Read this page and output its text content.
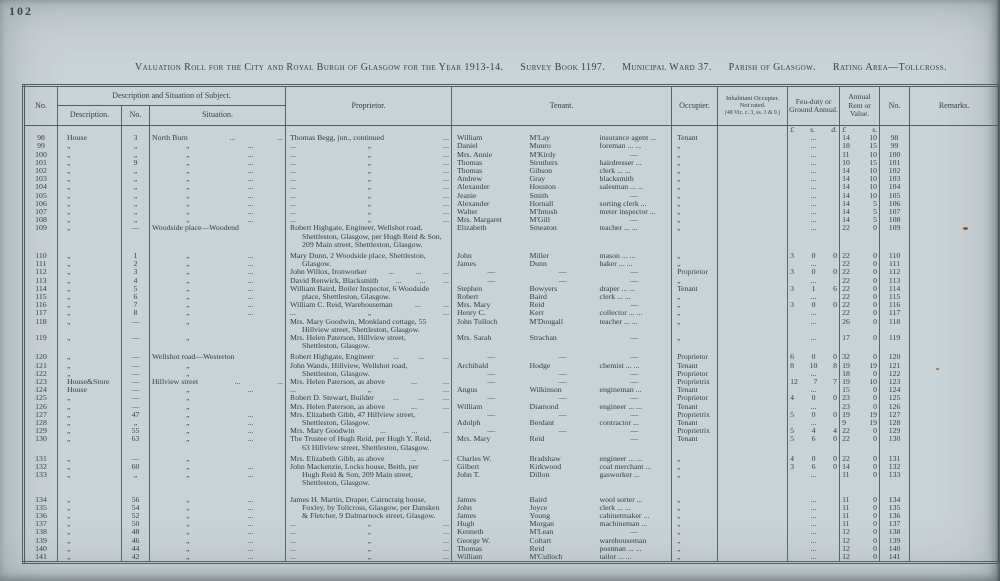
102
Valuation Roll for the City and Royal Burgh of Glasgow for the Year 1913-14. Survey Book 1197. Municipal Ward 37. Parish of Glasgow. Rating Area—Tollcross.
No.	Description and Situation of Subject.			Proprietor.	Tenant.			Occupier.	Inhabitant Occupier.
Not rated.
(48 Vic. c. 3, ss. 3 & 9.)	Feu-duty or Ground Annual.	Annual Rent or Value.	No.	Remarks.
	Description.	No.	Situation.										

										£ s. d.	£ s.		

98	House	3	North Burn ... ...	Thomas Begg, jun., continued ...	William	M'Lay	insurance agent ...	Tenant		...	14 10	98	
99	„	„	„ ...	... „ ...	Daniel	Munro	foreman ... ...	„		...	18 15	99	
100	„	„	„ ...	... „ ...	Mrs. Annie	M'Kirdy	—	„		...	11 10	100	
101	„	9	„ ...	... „ ...	Thomas	Struthers	hairdresser ...	„		...	10 15	101	
102	„	„	„ ...	... „ ...	Thomas	Gibson	clerk ... ...	„		...	14 10	102	
103	„	„	„ ...	... „ ...	Andrew	Gray	blacksmith	„		...	14 10	103	
104	„	„	„ ...	... „ ...	Alexander	Houston	salesman ... ...	„		...	14 10	104	
105	„	„	„ ...	... „ ...	Jeanie	Smith	—	„		...	14 10	105	
106	„	„	„ ...	... „ ...	Alexander	Hornall	sorting clerk ...	„		...	14 5	106	
107	„	„	„ ...	... „ ...	Walter	M'Intosh	meter inspector ...	„		...	14 5	107	
108	„	„	„ ...	... „ ...	Mrs. Margaret	M'Gill	—	„		...	14 5	108	
109	„	—	Woodside place—Woodend	Robert Highgate, Engineer, Wellshot road,	Elizabeth	Smeaton	teacher ... ...	„		...	22 0	109	
				Shettleston, Glasgow, per Hugh Reid & Son,									
				209 Main street, Shettleston, Glasgow.									
110	„	1	„ ...	Mary Dunn, 2 Woodside place, Shettleston,	John	Miller	mason ... ...	„		3 0 0	22 0	110	
111	„	2	„ ...	Glasgow.	James	Dunn	baker ... ...	„		...	22 0	111	
112	„	3	„ ...	John Willox, Ironworker ... ... ...	—	—	—	Proprietor		3 0 0	22 0	112	
113	„	4	„ ...	David Renwick, Blacksmith ... ... ...	—	—	—	„		...	22 0	113	
114	„	5	„ ...	William Baird, Boiler Inspector, 6 Woodside	Stephen	Bowyers	draper ... ...	Tenant		3 1 6	22 0	114	
115	„	6	„ ...	place, Shettleston, Glasgow.	Robert	Baird	clerk ... ...	„		...	22 0	115	
116	„	7	„ ...	William C. Reid, Warehouseman ... ...	Mrs. Mary	Reid	—	„		3 0 0	22 0	116	
117	„	8	„ ...	... „ ...	Henry C.	Kerr	collector ... ...	„		...	22 0	117	
118	„	—	„	Mrs. Mary Goodwin, Monkland cottage, 55	John Tulloch	M'Dougall	teacher ... ...	„		...	26 0	118	
				Hillview street, Shettleston, Glasgow.									
119	„	—	„	Mrs. Helen Paterson, Hillview street,	Mrs. Sarah	Strachan	—	„		...	17 0	119	
				Shettleston, Glasgow.									
120	„	—	Wellshot road—Westerton	Robert Highgate, Engineer ... ... ...	—	—	—	Proprietor		6 0 0	32 0	120	
121	„	—	„	John Wands, Hillview, Wellshot road,	Archibald	Hodge	chemist ... ...	Tenant		8 10 8	19 19	121	
122	„	—	„	Shettleston, Glasgow.	—	—	—	Proprietor		...	18 0	122	
123	House&Store	—	Hillview street ... ...	Mrs. Helen Paterson, as above ... ...	—	—	—	Proprietrix		12 7 7	19 10	123	
124	House	—	„ ...	... „ ...	Angus	Wilkinson	engineman ...	Tenant		...	15 0	124	
125	„	—	„	Robert D. Stewart, Builder ... ... ...	—	—	—	Proprietor		4 0 0	23 0	125	
126	„	—	„	Mrs. Helen Paterson, as above ... ...	William	Diamond	engineer ... ...	Tenant		...	23 0	126	
127	„	47	„ ...	Mrs. Elizabeth Gibb, 47 Hillview street,	—	—	—	Proprietrix		5 0 0	19 19	127	
128	„	„	„ ...	Shettleston, Glasgow.	Adolph	Berdant	contractor ...	Tenant		...	9 19	128	
129	„	55	„ ...	Mrs. Mary Goodwin ... ... ...	—	—	—	Proprietrix		5 4 4	22 0	129	
130	„	63	„ ...	The Trustee of Hugh Reid, per Hugh Y. Reid,	Mrs. Mary	Reid	—	Tenant		5 6 0	22 0	130	
				63 Hillview street, Shettleston, Glasgow.									
131	„	—	„	Mrs. Elizabeth Gibb, as above ... ...	Charles W.	Bradshaw	engineer ... ...	„		4 0 0	22 0	131	
132	„	60	„ ...	John Mackenzie, Locks house, Beith, per	Gilbert	Kirkwood	coal merchant ...	„		3 6 0	14 0	132	
133	„	„	„ ...	Hugh Reid & Son, 209 Main street,	John T.	Dillon	gasworker ...	„		...	11 0	133	
				Shettleston, Glasgow.									
134	„	56	„ ...	James H. Martin, Draper, Cairncraig house,	James	Baird	wool sorter ...	„		...	11 0	134	
135	„	54	„ ...	Foxley, by Tollcross, Glasgow, per Dansken	John	Joyce	clerk ... ...	„		...	11 0	135	
136	„	52	„ ...	& Fletcher, 9 Dalmarnock street, Glasgow.	James	Young	cabinetmaker ...	„		...	11 0	136	
137	„	50	„ ...	... „ ...	Hugh	Morgan	machineman ...	„		...	11 0	137	
138	„	48	„ ...	... „ ...	Kenneth	M'Lean	—	„		...	12 0	138	
139	„	46	„ ...	... „ ...	George W.	Coltart	warehouseman	„		...	12 0	139	
140	„	44	„ ...	... „ ...	Thomas	Reid	postman ... ...	„		...	12 0	140	
141	„	42	„ ...	... „ ...	William	M'Culloch	tailor ... ...	„		...	12 0	141	
